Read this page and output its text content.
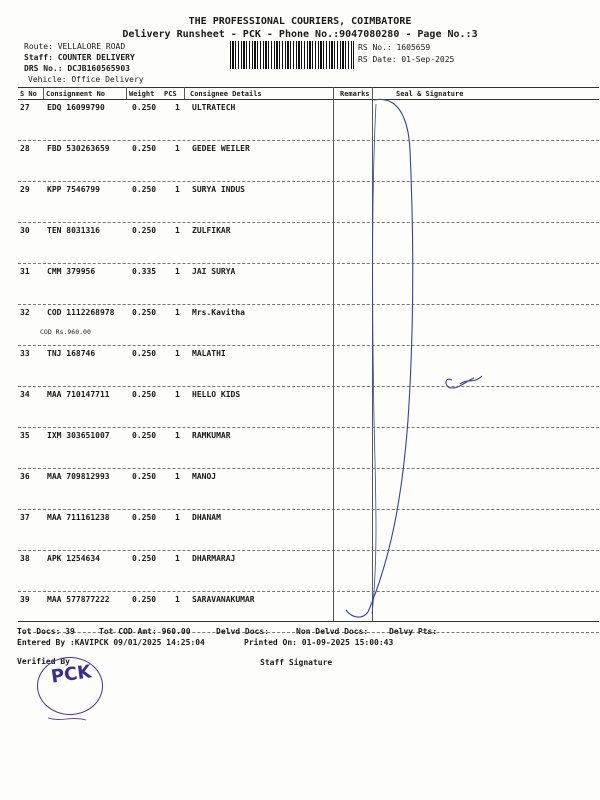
THE PROFESSIONAL COURIERS, COIMBATORE
Delivery Runsheet - PCK - Phone No.:9047080280 - Page No.:3
Route: VELLALORE ROAD
Staff: COUNTER DELIVERY
DRS No.: DCJB160565903
Vehicle: Office Delivery
RS No.: 1605659
RS Date: 01-Sep-2025
S No Consignment No	Weight PCS Consignee Details	Remarks	Seal & Signature
27 EDQ 16099790	0.250 1 ULTRATECH
28 FBD 530263659	0.250 1 GEDEE WEILER
29 KPP 7546799	0.250 1 SURYA INDUS
30 TEN 8031316	0.250 1 ZULFIKAR
31 CMM 379956	0.335 1 JAI SURYA
32 COD 1112268978 0.250 1 Mrs.Kavitha
COD Rs.960.00
33 TNJ 168746	0.250 1 MALATHI
34 MAA 710147711	0.250 1 HELLO KIDS
35 IXM 303651007	0.250 1 RAMKUMAR
36 MAA 709812993	0.250 1 MANOJ
37 MAA 711161238	0.250 1 DHANAM
38 APK 1254634	0.250 1 DHARMARAJ
39 MAA 577877222	0.250 1 SARAVANAKUMAR
Tot Docs: 39	Tot COD Amt: 960.00	Delvd Docs:	Non Delvd Docs:	Delvy Pts:
Entered By :KAVIPCK 09/01/2025 14:25:04	Printed On: 01-09-2025 15:00:43
Verified By	Staff Signature
PCK
